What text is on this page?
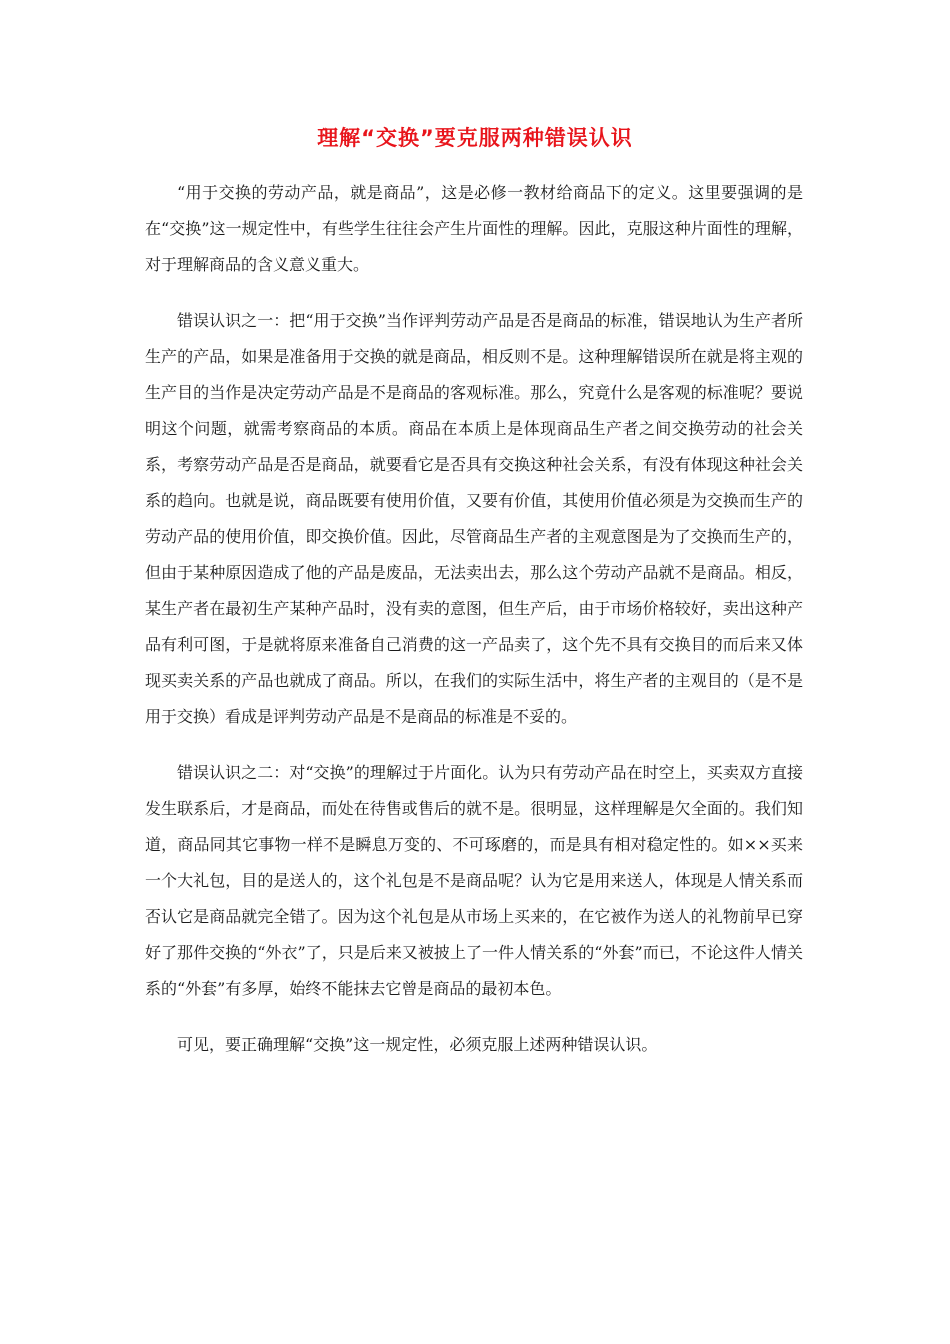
理解“交换”要克服两种错误认识

“用于交换的劳动产品，就是商品”，这是必修一教材给商品下的定义。这里要强调的是在“交换”这一规定性中，有些学生往往会产生片面性的理解。因此，克服这种片面性的理解，对于理解商品的含义意义重大。

错误认识之一：把“用于交换”当作评判劳动产品是否是商品的标准，错误地认为生产者所生产的产品，如果是准备用于交换的就是商品，相反则不是。这种理解错误所在就是将主观的生产目的当作是决定劳动产品是不是商品的客观标准。那么，究竟什么是客观的标准呢？要说明这个问题，就需考察商品的本质。商品在本质上是体现商品生产者之间交换劳动的社会关系，考察劳动产品是否是商品，就要看它是否具有交换这种社会关系，有没有体现这种社会关系的趋向。也就是说，商品既要有使用价值，又要有价值，其使用价值必须是为交换而生产的劳动产品的使用价值，即交换价值。因此，尽管商品生产者的主观意图是为了交换而生产的，但由于某种原因造成了他的产品是废品，无法卖出去，那么这个劳动产品就不是商品。相反，某生产者在最初生产某种产品时，没有卖的意图，但生产后，由于市场价格较好，卖出这种产品有利可图，于是就将原来准备自己消费的这一产品卖了，这个先不具有交换目的而后来又体现买卖关系的产品也就成了商品。所以，在我们的实际生活中，将生产者的主观目的（是不是用于交换）看成是评判劳动产品是不是商品的标准是不妥的。

错误认识之二：对“交换”的理解过于片面化。认为只有劳动产品在时空上，买卖双方直接发生联系后，才是商品，而处在待售或售后的就不是。很明显，这样理解是欠全面的。我们知道，商品同其它事物一样不是瞬息万变的、不可琢磨的，而是具有相对稳定性的。如××买来一个大礼包，目的是送人的，这个礼包是不是商品呢？认为它是用来送人，体现是人情关系而否认它是商品就完全错了。因为这个礼包是从市场上买来的，在它被作为送人的礼物前早已穿好了那件交换的“外衣”了，只是后来又被披上了一件人情关系的“外套”而已，不论这件人情关系的“外套”有多厚，始终不能抹去它曾是商品的最初本色。

可见，要正确理解“交换”这一规定性，必须克服上述两种错误认识。
